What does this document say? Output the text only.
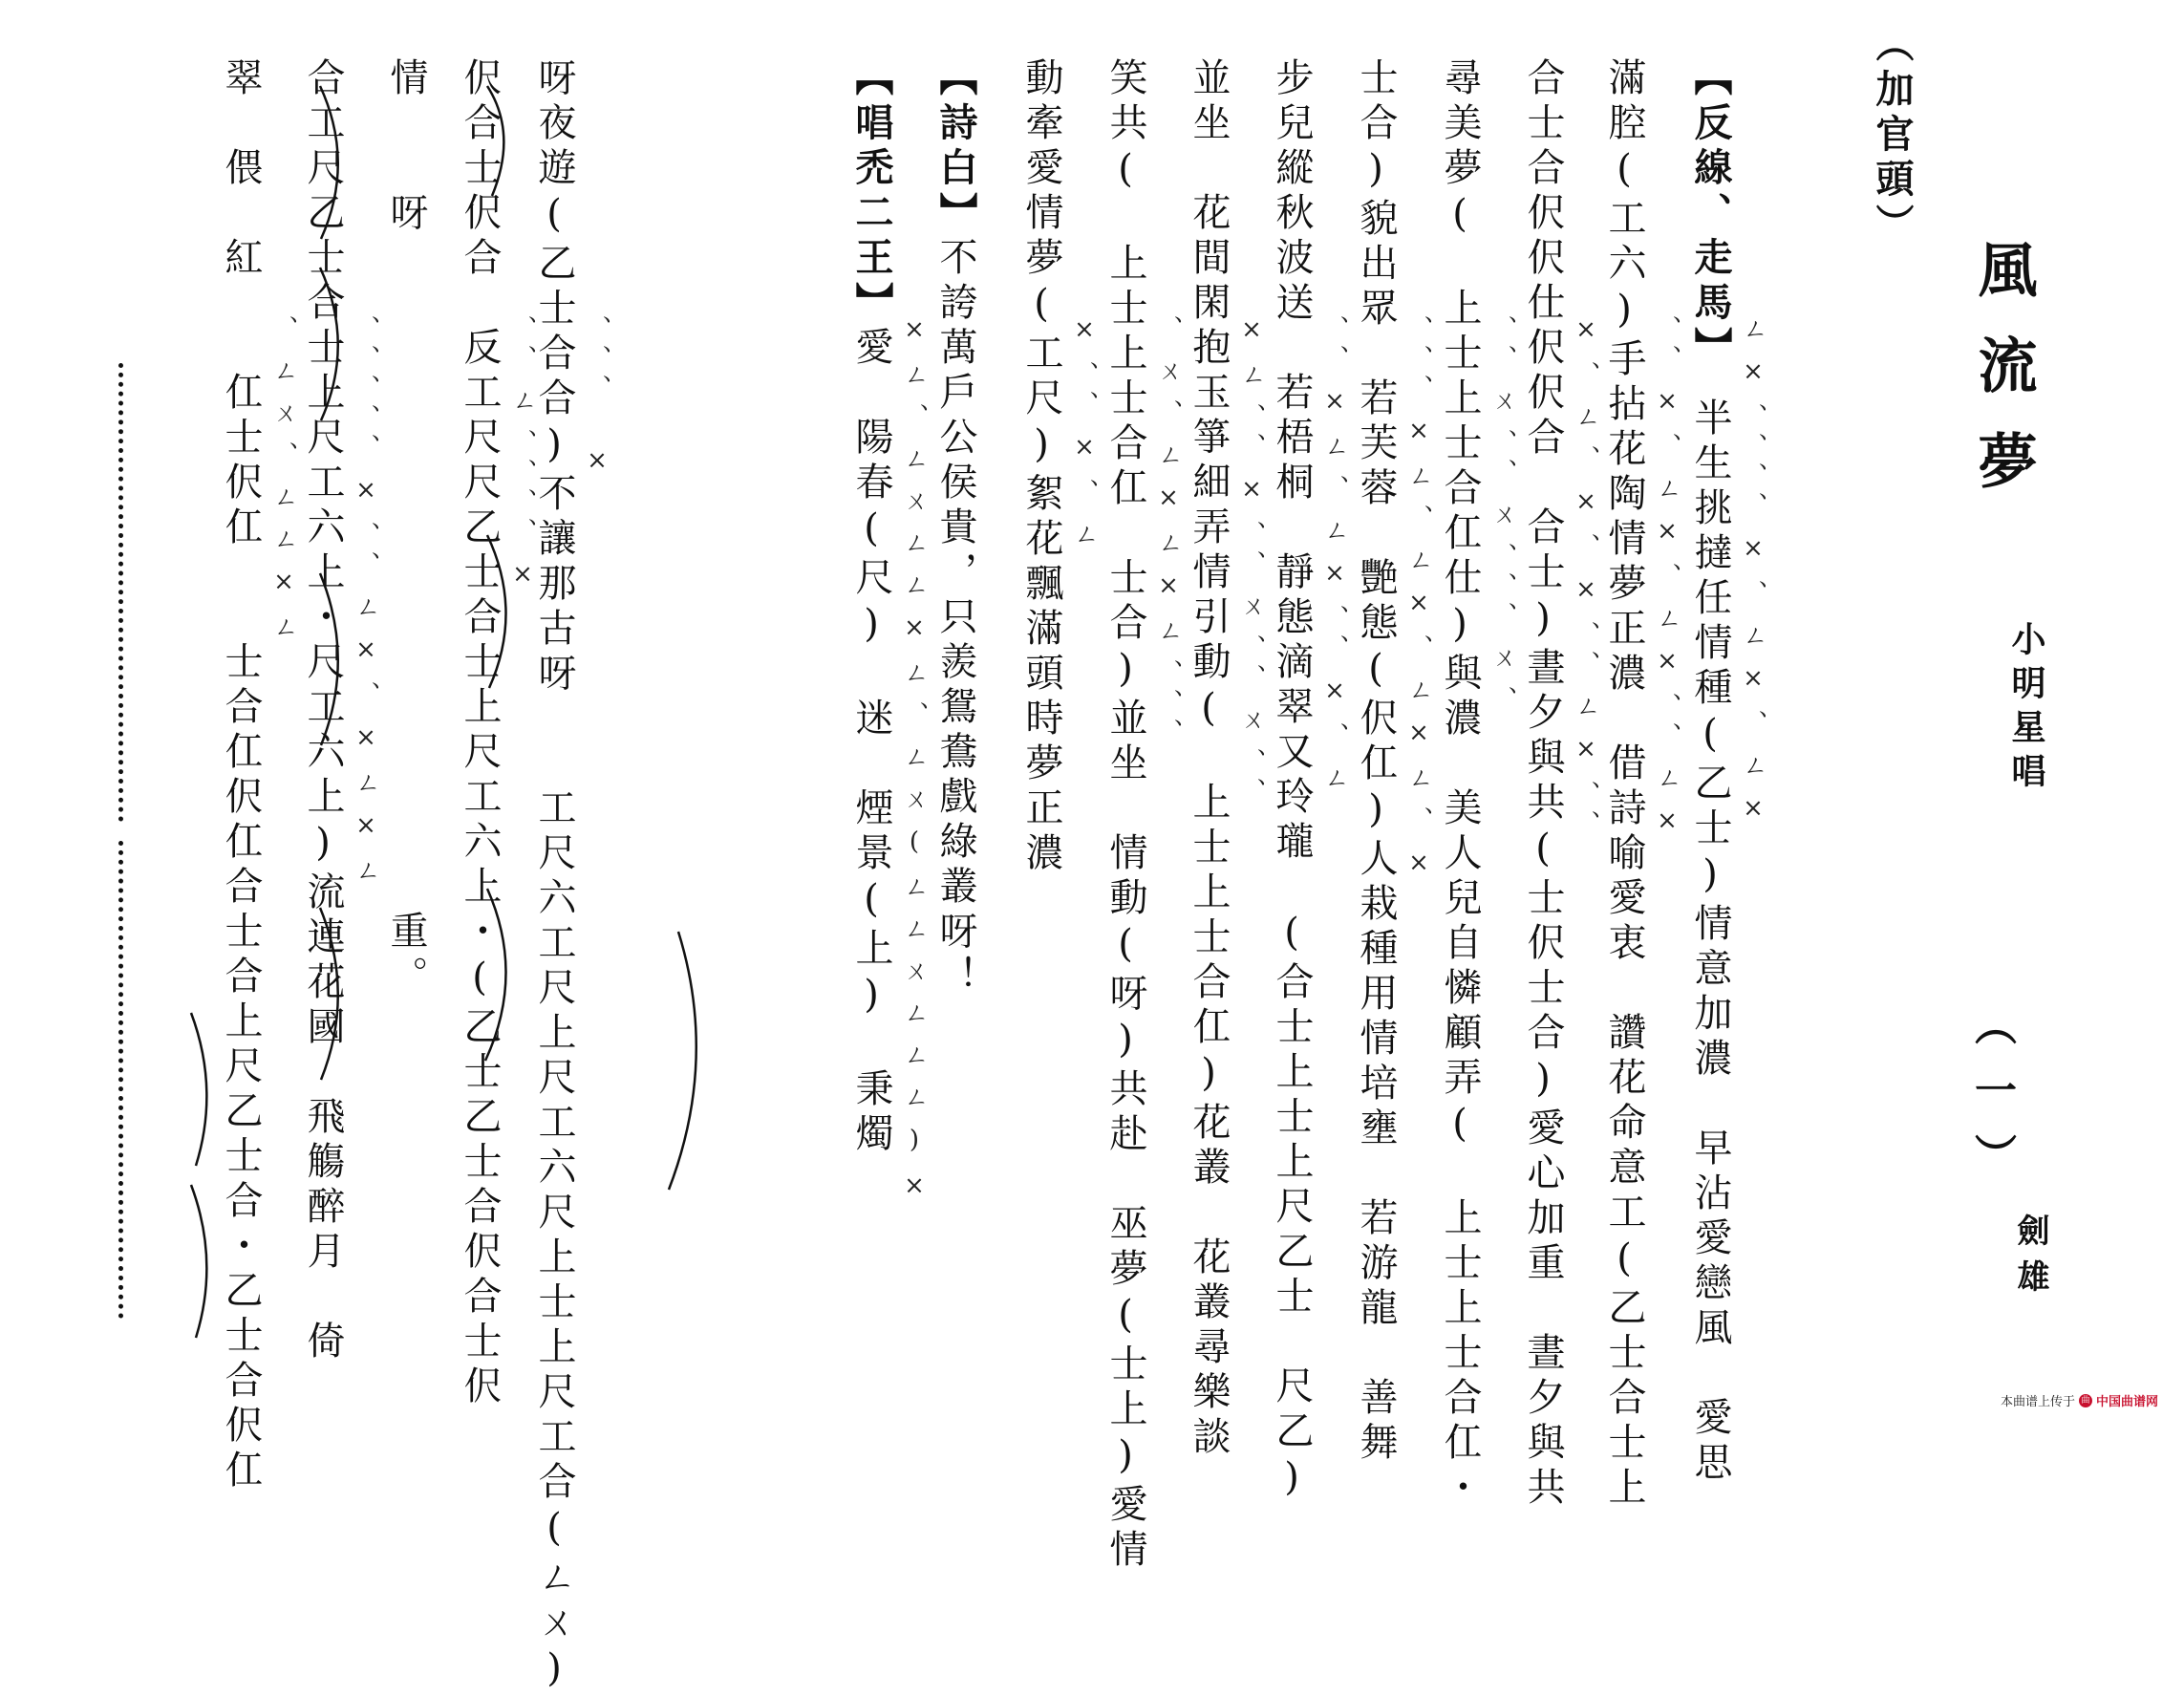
風流夢
小明星唱
（一）
劍雄
（加官頭）
【反線、走馬】　半生挑撻任情種(乙士)情意加濃　早沾愛戀風　愛思
滿腔(工六)手拈花陶情夢正濃　借詩喻愛衷　讚花命意工(乙士合士上
合士合伬伬仕伬伬合　合士)晝夕與共(士伬士合)愛心加重　晝夕與共
尋美夢(　上士上士合仜仕)與濃　美人兒自憐顧弄(　上士上士合仜・
士合)貌出眾　若芙蓉　艷態(伬仜)人栽種用情培壅　若游龍　善舞
步兒縱秋波送　若梧桐　靜態滴翠又玲瓏　(合士上士上尺乙士　尺乙)
並坐　花間閑抱玉箏細弄情引動(　上士上士合仜)花叢　花叢尋樂談
笑共(　上士上士合仜　士合)並坐　情動(呀)共赴　巫夢(士上)愛情
動牽愛情夢(工尺)絮花飄滿頭時夢正濃
【詩白】不誇萬戶公侯貴，只羨鴛鴦戲綠叢呀！
【唱禿二王】愛　陽春(尺)　迷　煙景(上)　秉燭
呀夜遊(乙士合合)不讓那古呀　　工尺六工尺上尺工六尺上士上尺工合(ㄥㄨ)
伬合士伬合　反工尺尺乙士合士上尺工六上・(乙士乙士合伬合士伬
情　　呀　　　　　　　　　　　　　　　重。
合工尺乙士合士上尺工六上・尺工六上)流連花國　飛觴醉月　倚
翠　偎　紅　　仜士伬仜　　士合仜伬仜合士合上尺乙士合・乙士合伬仜	ㄥ×、、、、×、ㄥ×、ㄥ×
、、×、ㄥ×、ㄥ×、、ㄥ×
×、ㄥ、×、×、、ㄥ×、、
、、ㄨ、、ㄨ、、、ㄨ、
、、、×ㄥ、ㄥ×、ㄥ×ㄥ、×
、、×ㄥ、ㄥ×、、×、ㄥ
×ㄥ、、×、、ㄨ、、ㄨ、、
、ㄨ、ㄥ×ㄥ×ㄥ、、、
×、、×、ㄥ
×ㄥ、ㄥㄨㄥㄥ×ㄥ、ㄥㄨ(ㄥㄥㄨㄥㄥㄥ)×
、、、　×
、、ㄥ、、、、×
、、、、、×、、ㄥ×、×ㄥ×ㄥ
、ㄥㄨ、ㄥㄥ×ㄥ
本曲谱上传于 曲 中国曲谱网
